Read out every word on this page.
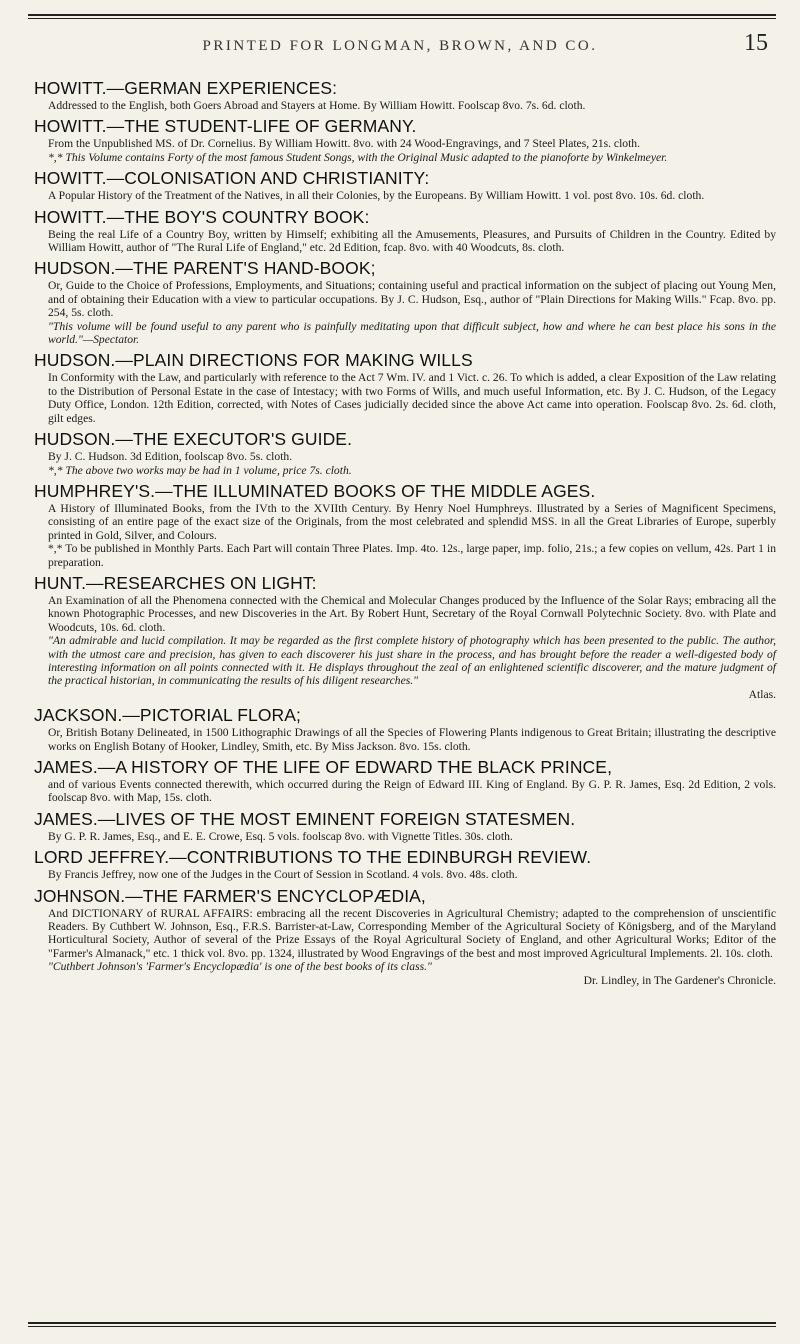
PRINTED FOR LONGMAN, BROWN, AND CO.	15
HOWITT.—GERMAN EXPERIENCES:
Addressed to the English, both Goers Abroad and Stayers at Home. By William Howitt. Foolscap 8vo. 7s. 6d. cloth.
HOWITT.—THE STUDENT-LIFE OF GERMANY.
From the Unpublished MS. of Dr. Cornelius. By William Howitt. 8vo. with 24 Wood-Engravings, and 7 Steel Plates, 21s. cloth.
*,* This Volume contains Forty of the most famous Student Songs, with the Original Music adapted to the pianoforte by Winkelmeyer.
HOWITT.—COLONISATION AND CHRISTIANITY:
A Popular History of the Treatment of the Natives, in all their Colonies, by the Europeans. By William Howitt. 1 vol. post 8vo. 10s. 6d. cloth.
HOWITT.—THE BOY'S COUNTRY BOOK:
Being the real Life of a Country Boy, written by Himself; exhibiting all the Amusements, Pleasures, and Pursuits of Children in the Country. Edited by William Howitt, author of "The Rural Life of England," etc. 2d Edition, fcap. 8vo. with 40 Woodcuts, 8s. cloth.
HUDSON.—THE PARENT'S HAND-BOOK;
Or, Guide to the Choice of Professions, Employments, and Situations; containing useful and practical information on the subject of placing out Young Men, and of obtaining their Education with a view to particular occupations. By J. C. Hudson, Esq., author of "Plain Directions for Making Wills." Fcap. 8vo. pp. 254, 5s. cloth.
"This volume will be found useful to any parent who is painfully meditating upon that difficult subject, how and where he can best place his sons in the world."—Spectator.
HUDSON.—PLAIN DIRECTIONS FOR MAKING WILLS
In Conformity with the Law, and particularly with reference to the Act 7 Wm. IV. and 1 Vict. c. 26. To which is added, a clear Exposition of the Law relating to the Distribution of Personal Estate in the case of Intestacy; with two Forms of Wills, and much useful Information, etc. By J. C. Hudson, of the Legacy Duty Office, London. 12th Edition, corrected, with Notes of Cases judicially decided since the above Act came into operation. Foolscap 8vo. 2s. 6d. cloth, gilt edges.
HUDSON.—THE EXECUTOR'S GUIDE.
By J. C. Hudson. 3d Edition, foolscap 8vo. 5s. cloth.
*,* The above two works may be had in 1 volume, price 7s. cloth.
HUMPHREY'S.—THE ILLUMINATED BOOKS OF THE MIDDLE AGES.
A History of Illuminated Books, from the IVth to the XVIIth Century. By Henry Noel Humphreys. Illustrated by a Series of Magnificent Specimens, consisting of an entire page of the exact size of the Originals, from the most celebrated and splendid MSS. in all the Great Libraries of Europe, superbly printed in Gold, Silver, and Colours.
*,* To be published in Monthly Parts. Each Part will contain Three Plates. Imp. 4to. 12s., large paper, imp. folio, 21s.; a few copies on vellum, 42s. Part 1 in preparation.
HUNT.—RESEARCHES ON LIGHT:
An Examination of all the Phenomena connected with the Chemical and Molecular Changes produced by the Influence of the Solar Rays; embracing all the known Photographic Processes, and new Discoveries in the Art. By Robert Hunt, Secretary of the Royal Cornwall Polytechnic Society. 8vo. with Plate and Woodcuts, 10s. 6d. cloth.
"An admirable and lucid compilation. It may be regarded as the first complete history of photography which has been presented to the public. The author, with the utmost care and precision, has given to each discoverer his just share in the process, and has brought before the reader a well-digested body of interesting information on all points connected with it. He displays throughout the zeal of an enlightened scientific discoverer, and the mature judgment of the practical historian, in communicating the results of his diligent researches."
Atlas.
JACKSON.—PICTORIAL FLORA;
Or, British Botany Delineated, in 1500 Lithographic Drawings of all the Species of Flowering Plants indigenous to Great Britain; illustrating the descriptive works on English Botany of Hooker, Lindley, Smith, etc. By Miss Jackson. 8vo. 15s. cloth.
JAMES.—A HISTORY OF THE LIFE OF EDWARD THE BLACK PRINCE,
and of various Events connected therewith, which occurred during the Reign of Edward III. King of England. By G. P. R. James, Esq. 2d Edition, 2 vols. foolscap 8vo. with Map, 15s. cloth.
JAMES.—LIVES OF THE MOST EMINENT FOREIGN STATESMEN.
By G. P. R. James, Esq., and E. E. Crowe, Esq. 5 vols. foolscap 8vo. with Vignette Titles. 30s. cloth.
LORD JEFFREY.—CONTRIBUTIONS TO THE EDINBURGH REVIEW.
By Francis Jeffrey, now one of the Judges in the Court of Session in Scotland. 4 vols. 8vo. 48s. cloth.
JOHNSON.—THE FARMER'S ENCYCLOPÆDIA,
And DICTIONARY of RURAL AFFAIRS: embracing all the recent Discoveries in Agricultural Chemistry; adapted to the comprehension of unscientific Readers. By Cuthbert W. Johnson, Esq., F.R.S. Barrister-at-Law, Corresponding Member of the Agricultural Society of Königsberg, and of the Maryland Horticultural Society, Author of several of the Prize Essays of the Royal Agricultural Society of England, and other Agricultural Works; Editor of the "Farmer's Almanack," etc. 1 thick vol. 8vo. pp. 1324, illustrated by Wood Engravings of the best and most improved Agricultural Implements. 2l. 10s. cloth.
"Cuthbert Johnson's 'Farmer's Encyclopædia' is one of the best books of its class."
Dr. Lindley, in The Gardener's Chronicle.
